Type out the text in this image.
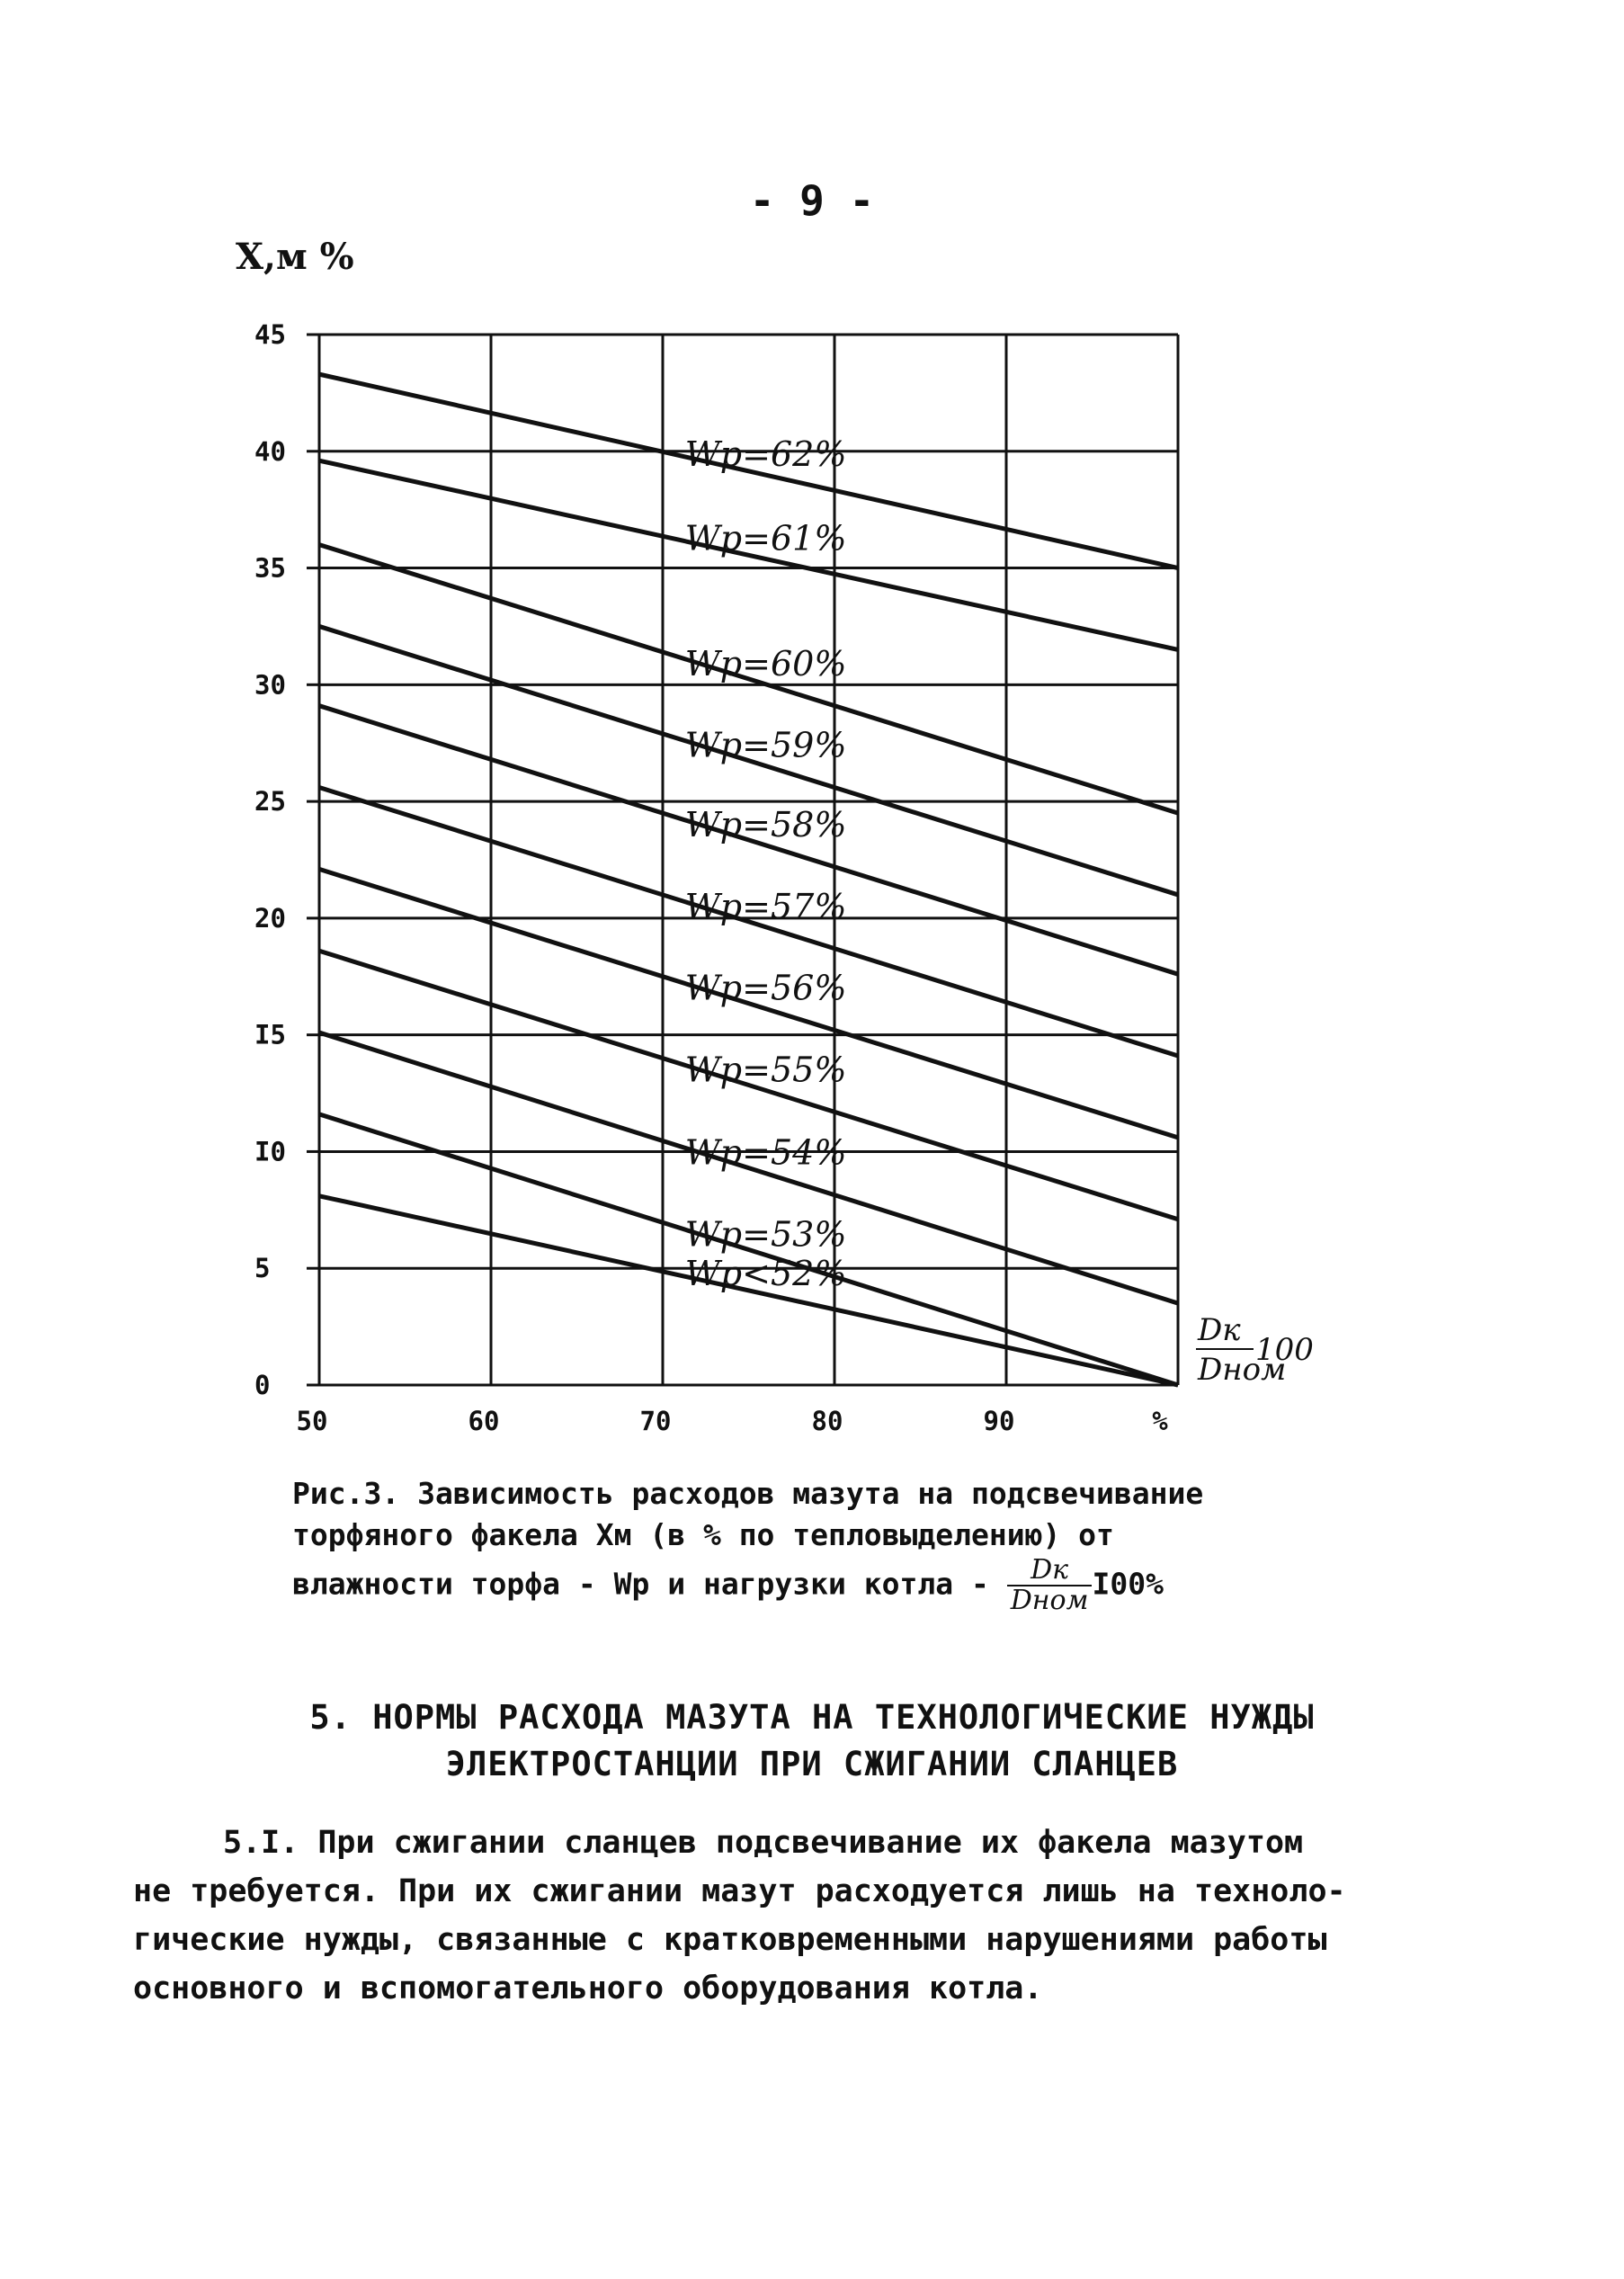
- 9 -
Х,м %
Wр=62%
Wр=61%
Wр=60%
Wр=59%
Wр=58%
Wр=57%
Wр=56%
Wр=55%
Wр=54%
Wр=53%
Wр<52%
45
40
35
30
25
20
I5
I0
5
0
50	60	70	80	90	%
Dк
Dном
100
Рис.3. Зависимость расходов мазута на подсвечивание
торфяного факела Хм (в % по тепловыделению) от
влажности торфа - Wр и нагрузки котла - $\frac{Dк}{\text{Dном}} I00\%$
5. НОРМЫ РАСХОДА МАЗУТА НА ТЕХНОЛОГИЧЕСКИЕ НУЖДЫ
ЭЛЕКТРОСТАНЦИИ ПРИ СЖИГАНИИ СЛАНЦЕВ
5.I. При сжигании сланцев подсвечивание их факела мазутом
не требуется. При их сжигании мазут расходуется лишь на техноло-
гические нужды, связанные с кратковременными нарушениями работы
основного и вспомогательного оборудования котла.
